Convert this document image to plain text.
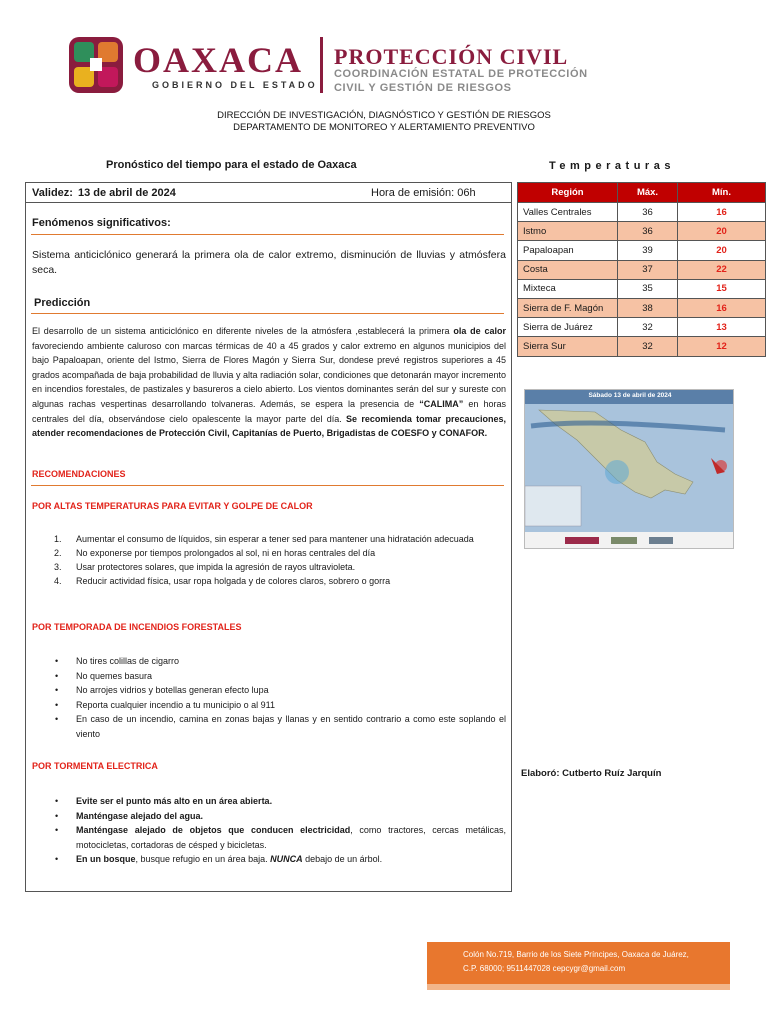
OAXACA
GOBIERNO DEL ESTADO
PROTECCIÓN CIVIL
COORDINACIÓN ESTATAL DE PROTECCIÓN
CIVIL Y GESTIÓN DE RIESGOS
DIRECCIÓN DE INVESTIGACIÓN, DIAGNÓSTICO Y GESTIÓN DE RIESGOS
DEPARTAMENTO DE MONITOREO Y ALERTAMIENTO PREVENTIVO
Pronóstico del tiempo para el estado de Oaxaca	Temperaturas
Validez: 13 de abril de 2024	Hora de emisión: 06h
Fenómenos significativos:
Sistema anticiclónico generará la primera ola de calor extremo, disminución de lluvias y atmósfera seca.
Predicción
El desarrollo de un sistema anticiclónico en diferente niveles de la atmósfera ,establecerá la primera ola de calor favoreciendo ambiente caluroso con marcas térmicas de 40 a 45 grados y calor extremo en algunos municipios del bajo Papaloapan, oriente del Istmo, Sierra de Flores Magón y Sierra Sur, dondese prevé registros superiores a 45 grados acompañada de baja probabilidad de lluvia y alta radiación solar, condiciones que detonarán mayor incremento en incendios forestales, de pastizales y basureros a cielo abierto. Los vientos dominantes serán del sur y sureste con algunas rachas vespertinas desarrollando tolvaneras. Además, se espera la presencia de “CALIMA” en horas centrales del día, observándose cielo opalescente la mayor parte del día. Se recomienda tomar precauciones, atender recomendaciones de Protección Civil, Capitanías de Puerto, Brigadistas de COESFO y CONAFOR.
RECOMENDACIONES
POR ALTAS TEMPERATURAS PARA EVITAR Y GOLPE DE CALOR
1. Aumentar el consumo de líquidos, sin esperar a tener sed para mantener una hidratación adecuada
2. No exponerse por tiempos prolongados al sol, ni en horas centrales del día
3. Usar protectores solares, que impida la agresión de rayos ultravioleta.
4. Reducir actividad física, usar ropa holgada y de colores claros, sobrero o gorra
POR TEMPORADA DE INCENDIOS FORESTALES
• No tires colillas de cigarro
• No quemes basura
• No arrojes vidrios y botellas generan efecto lupa
• Reporta cualquier incendio a tu municipio o al 911
• En caso de un incendio, camina en zonas bajas y llanas y en sentido contrario a como este soplando el viento
POR TORMENTA ELECTRICA
• Evite ser el punto más alto en un área abierta.
• Manténgase alejado del agua.
• Manténgase alejado de objetos que conducen electricidad, como tractores, cercas metálicas, motocicletas, cortadoras de césped y bicicletas.
• En un bosque, busque refugio en un área baja. NUNCA debajo de un árbol.
Región	Máx.	Mín.
Valles Centrales	36	16
Istmo	36	20
Papaloapan	39	20
Costa	37	22
Mixteca	35	15
Sierra de F. Magón	38	16
Sierra de Juárez	32	13
Sierra Sur	32	12
Sábado 13 de abril de 2024
Elaboró: Cutberto Ruíz Jarquín
Colón No.719, Barrio de los Siete Príncipes, Oaxaca de Juárez,
C.P. 68000; 9511447028 cepcygr@gmail.com
